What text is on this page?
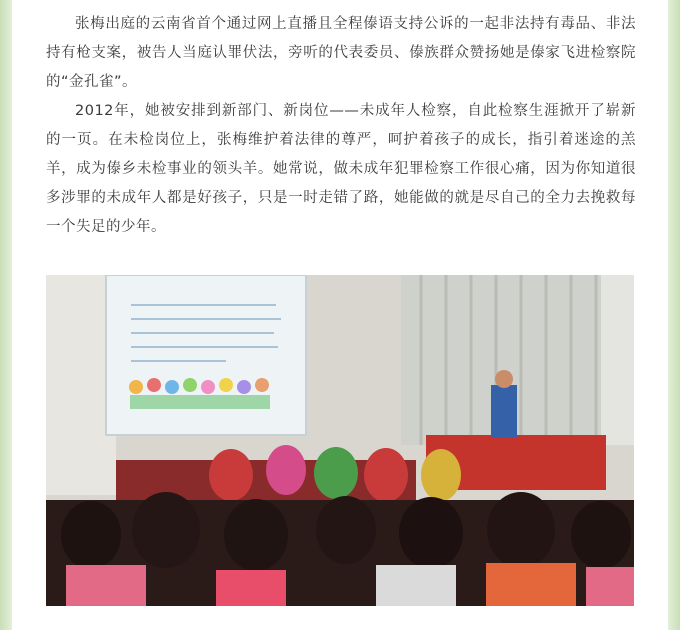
张梅出庭的云南省首个通过网上直播且全程傣语支持公诉的一起非法持有毒品、非法持有枪支案，被告人当庭认罪伏法，旁听的代表委员、傣族群众赞扬她是傣家飞进检察院的“金孔雀”。

2012年，她被安排到新部门、新岗位——未成年人检察，自此检察生涯掀开了崭新的一页。在未检岗位上，张梅维护着法律的尊严，呵护着孩子的成长，指引着迷途的羔羊，成为傣乡未检事业的领头羊。她常说，做未成年犯罪检察工作很心痛，因为你知道很多涉罪的未成年人都是好孩子，只是一时走错了路，她能做的就是尽自己的全力去挽救每一个失足的少年。
